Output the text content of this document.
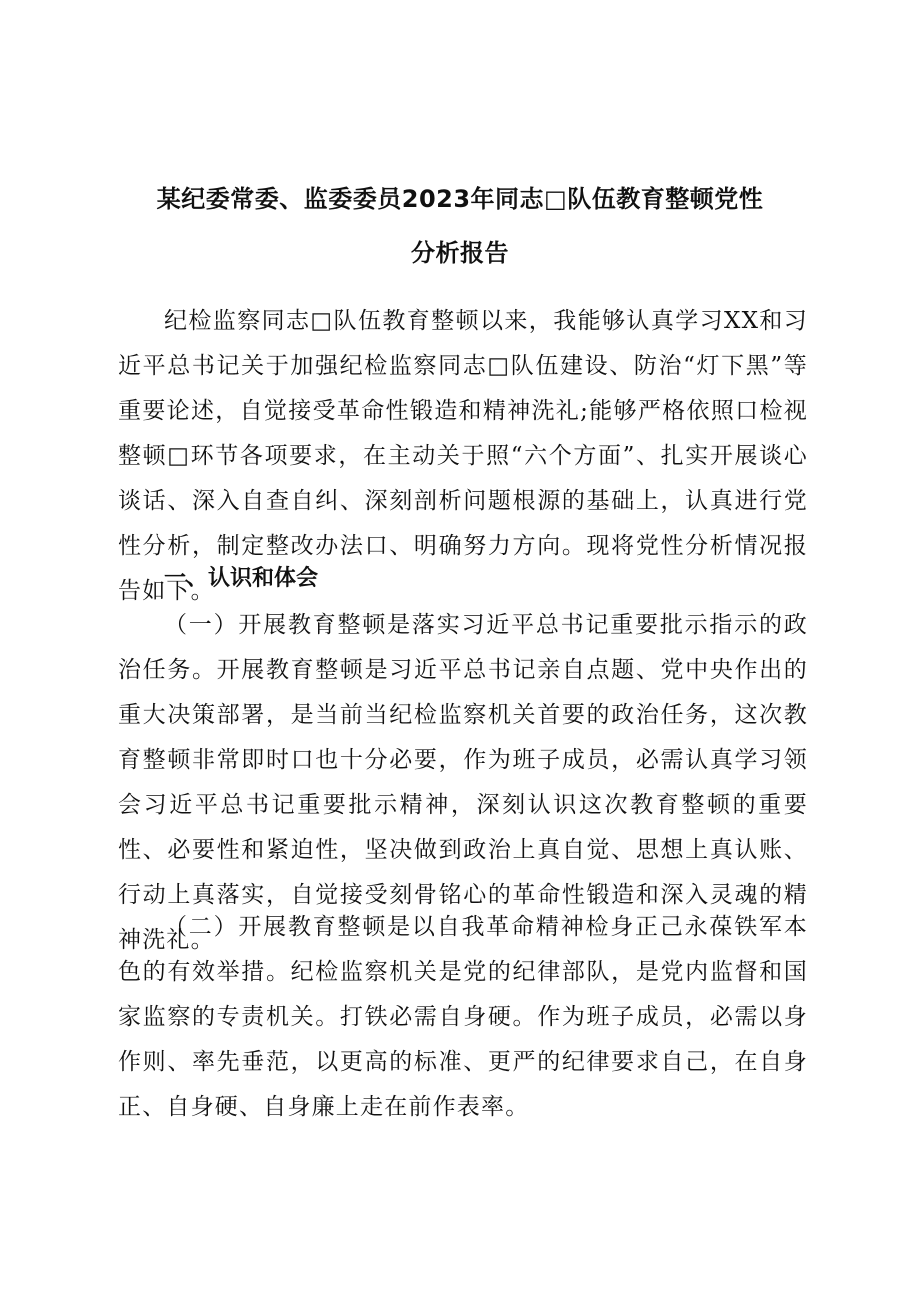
某纪委常委、监委委员2023年同志□队伍教育整顿党性
分析报告

纪检监察同志□队伍教育整顿以来，我能够认真学习XX和习近平总书记关于加强纪检监察同志□队伍建设、防治“灯下黑”等重要论述，自觉接受革命性锻造和精神洗礼;能够严格依照口检视整顿□环节各项要求，在主动关于照“六个方面”、扎实开展谈心谈话、深入自查自纠、深刻剖析问题根源的基础上，认真进行党性分析，制定整改办法口、明确努力方向。现将党性分析情况报告如下。

一、认识和体会

（一）开展教育整顿是落实习近平总书记重要批示指示的政治任务。开展教育整顿是习近平总书记亲自点题、党中央作出的重大决策部署，是当前当纪检监察机关首要的政治任务，这次教育整顿非常即时口也十分必要，作为班子成员，必需认真学习领会习近平总书记重要批示精神，深刻认识这次教育整顿的重要性、必要性和紧迫性，坚决做到政治上真自觉、思想上真认账、行动上真落实，自觉接受刻骨铭心的革命性锻造和深入灵魂的精神洗礼。

（二）开展教育整顿是以自我革命精神检身正己永葆铁军本色的有效举措。纪检监察机关是党的纪律部队，是党内监督和国家监察的专责机关。打铁必需自身硬。作为班子成员，必需以身作则、率先垂范，以更高的标准、更严的纪律要求自己，在自身正、自身硬、自身廉上走在前作表率。
